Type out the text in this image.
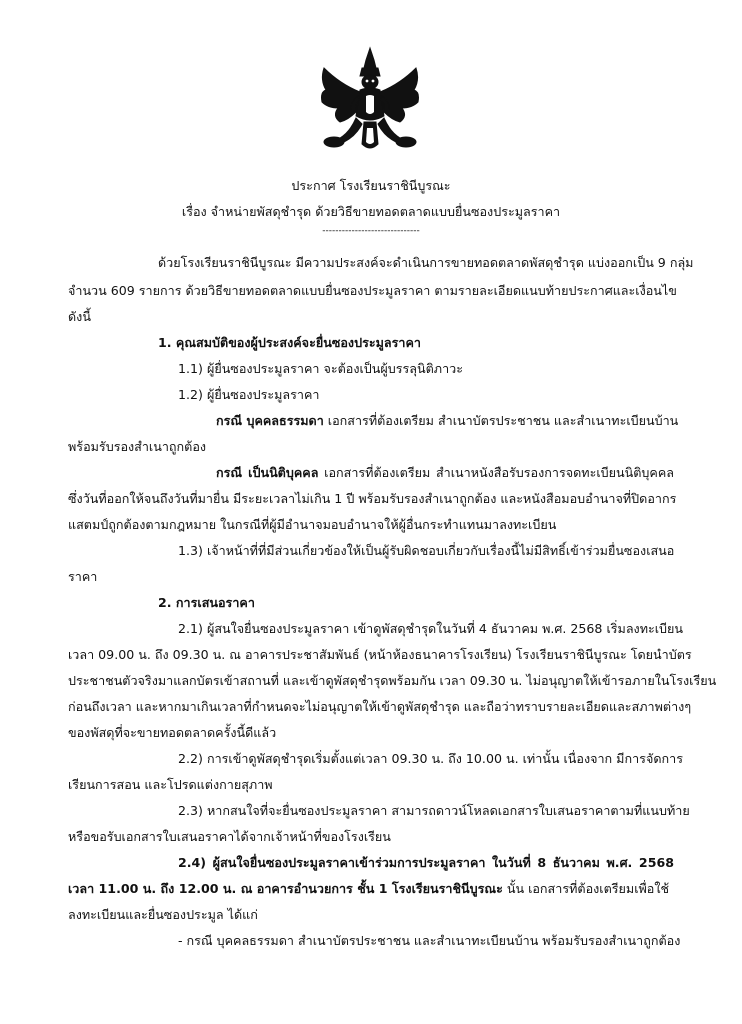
ประกาศ โรงเรียนราชินีบูรณะ
เรื่อง จำหน่ายพัสดุชำรุด ด้วยวิธีขายทอดตลาดแบบยื่นซองประมูลราคา
------------------------------
ด้วยโรงเรียนราชินีบูรณะ มีความประสงค์จะดำเนินการขายทอดตลาดพัสดุชำรุด แบ่งออกเป็น 9 กลุ่ม
จำนวน 609 รายการ ด้วยวิธีขายทอดตลาดแบบยื่นซองประมูลราคา ตามรายละเอียดแนบท้ายประกาศและเงื่อนไข
ดังนี้
1. คุณสมบัติของผู้ประสงค์จะยื่นซองประมูลราคา
1.1) ผู้ยื่นซองประมูลราคา จะต้องเป็นผู้บรรลุนิติภาวะ
1.2) ผู้ยื่นซองประมูลราคา
กรณี บุคคลธรรมดา เอกสารที่ต้องเตรียม สำเนาบัตรประชาชน และสำเนาทะเบียนบ้าน
พร้อมรับรองสำเนาถูกต้อง
กรณี เป็นนิติบุคคล เอกสารที่ต้องเตรียม สำเนาหนังสือรับรองการจดทะเบียนนิติบุคคล
ซึ่งวันที่ออกให้จนถึงวันที่มายื่น มีระยะเวลาไม่เกิน 1 ปี พร้อมรับรองสำเนาถูกต้อง และหนังสือมอบอำนาจที่ปิดอากร
แสตมป์ถูกต้องตามกฎหมาย ในกรณีที่ผู้มีอำนาจมอบอำนาจให้ผู้อื่นกระทำแทนมาลงทะเบียน
1.3) เจ้าหน้าที่ที่มีส่วนเกี่ยวข้องให้เป็นผู้รับผิดชอบเกี่ยวกับเรื่องนี้ไม่มีสิทธิ์เข้าร่วมยื่นซองเสนอ
ราคา
2. การเสนอราคา
2.1) ผู้สนใจยื่นซองประมูลราคา เข้าดูพัสดุชำรุดในวันที่ 4 ธันวาคม พ.ศ. 2568 เริ่มลงทะเบียน
เวลา 09.00 น. ถึง 09.30 น. ณ อาคารประชาสัมพันธ์ (หน้าห้องธนาคารโรงเรียน) โรงเรียนราชินีบูรณะ โดยนำบัตร
ประชาชนตัวจริงมาแลกบัตรเข้าสถานที่ และเข้าดูพัสดุชำรุดพร้อมกัน เวลา 09.30 น. ไม่อนุญาตให้เข้ารอภายในโรงเรียน
ก่อนถึงเวลา และหากมาเกินเวลาที่กำหนดจะไม่อนุญาตให้เข้าดูพัสดุชำรุด และถือว่าทราบรายละเอียดและสภาพต่างๆ
ของพัสดุที่จะขายทอดตลาดครั้งนี้ดีแล้ว
2.2) การเข้าดูพัสดุชำรุดเริ่มตั้งแต่เวลา 09.30 น. ถึง 10.00 น. เท่านั้น เนื่องจาก มีการจัดการ
เรียนการสอน และโปรดแต่งกายสุภาพ
2.3) หากสนใจที่จะยื่นซองประมูลราคา สามารถดาวน์โหลดเอกสารใบเสนอราคาตามที่แนบท้าย
หรือขอรับเอกสารใบเสนอราคาได้จากเจ้าหน้าที่ของโรงเรียน
2.4) ผู้สนใจยื่นซองประมูลราคาเข้าร่วมการประมูลราคา ในวันที่ 8 ธันวาคม พ.ศ. 2568
เวลา 11.00 น. ถึง 12.00 น. ณ อาคารอำนวยการ ชั้น 1 โรงเรียนราชินีบูรณะ นั้น เอกสารที่ต้องเตรียมเพื่อใช้
ลงทะเบียนและยื่นซองประมูล ได้แก่
- กรณี บุคคลธรรมดา สำเนาบัตรประชาชน และสำเนาทะเบียนบ้าน พร้อมรับรองสำเนาถูกต้อง
